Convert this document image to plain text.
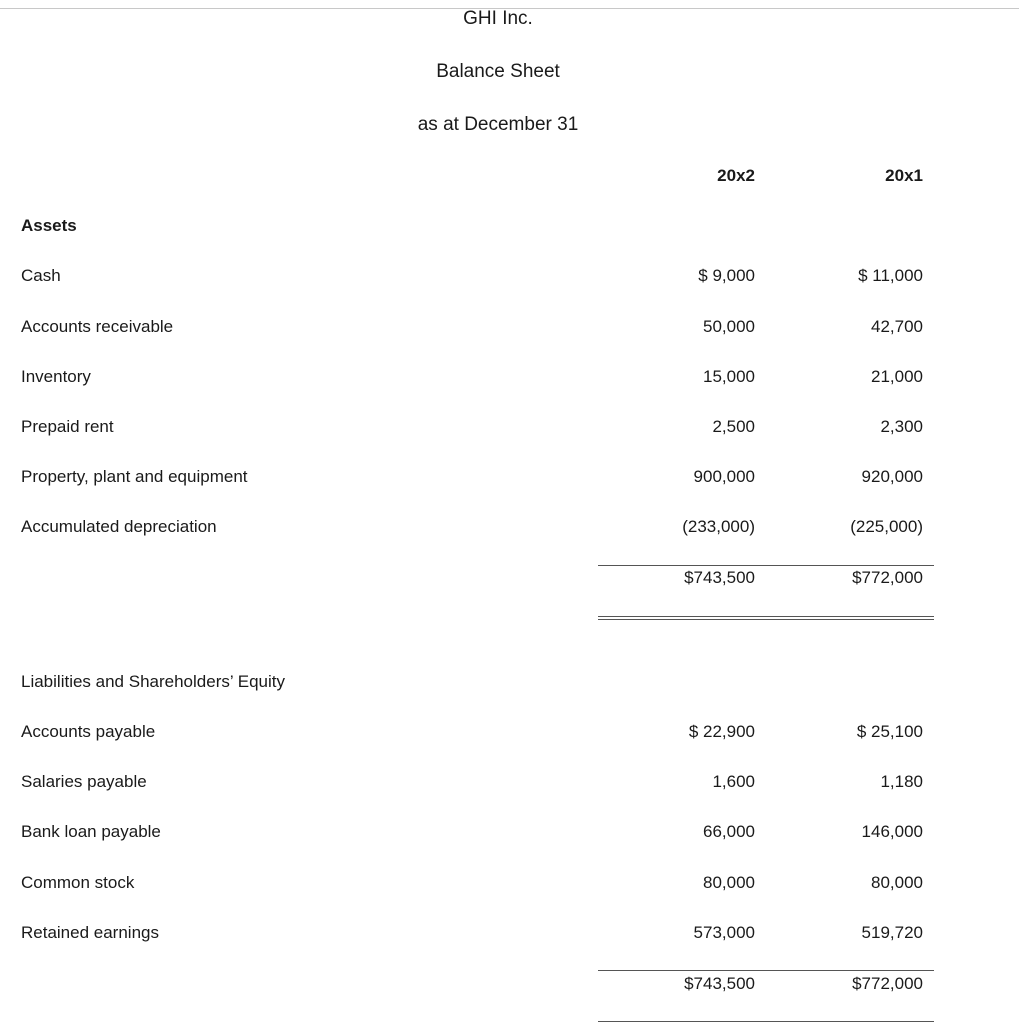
GHI Inc.
Balance Sheet
as at December 31
20x2	20x1
Assets
Cash	$ 9,000	$ 11,000
Accounts receivable	50,000	42,700
Inventory	15,000	21,000
Prepaid rent	2,500	2,300
Property, plant and equipment	900,000	920,000
Accumulated depreciation	(233,000)	(225,000)
$743,500	$772,000
Liabilities and Shareholders’ Equity
Accounts payable	$ 22,900	$ 25,100
Salaries payable	1,600	1,180
Bank loan payable	66,000	146,000
Common stock	80,000	80,000
Retained earnings	573,000	519,720
$743,500	$772,000
